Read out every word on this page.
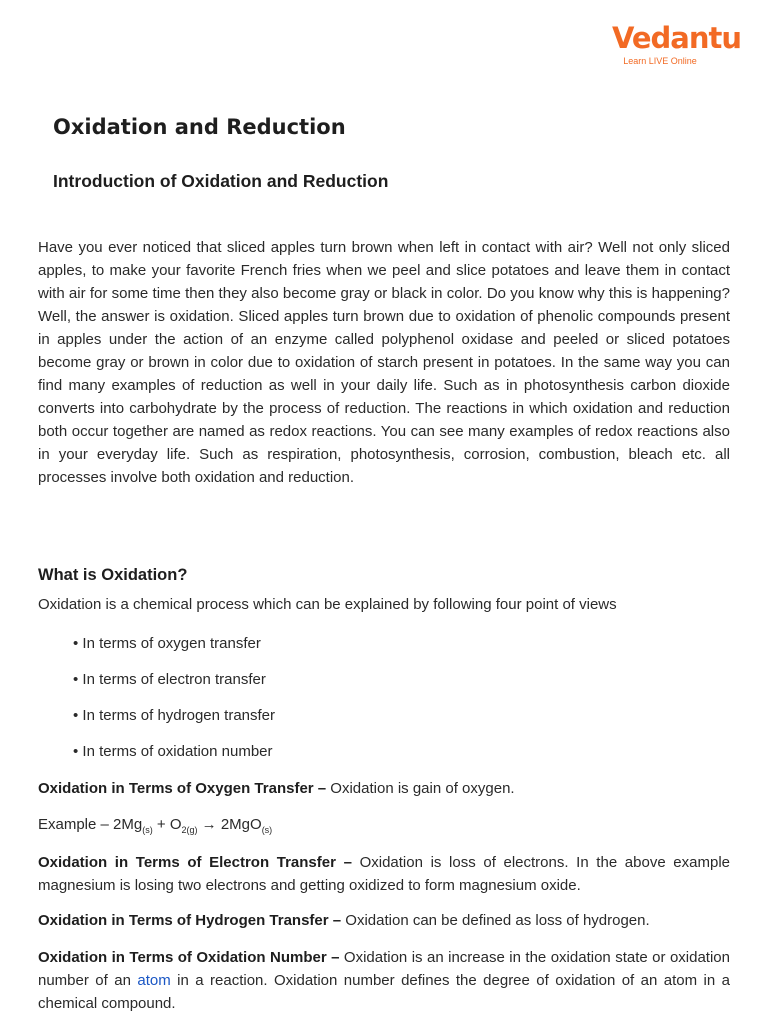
Vedantu
Learn LIVE Online
Oxidation and Reduction
Introduction of Oxidation and Reduction

Have you ever noticed that sliced apples turn brown when left in contact with air? Well not only sliced apples, to make your favorite French fries when we peel and slice potatoes and leave them in contact with air for some time then they also become gray or black in color. Do you know why this is happening? Well, the answer is oxidation. Sliced apples turn brown due to oxidation of phenolic compounds present in apples under the action of an enzyme called polyphenol oxidase and peeled or sliced potatoes become gray or brown in color due to oxidation of starch present in potatoes. In the same way you can find many examples of reduction as well in your daily life. Such as in photosynthesis carbon dioxide converts into carbohydrate by the process of reduction. The reactions in which oxidation and reduction both occur together are named as redox reactions. You can see many examples of redox reactions also in your everyday life. Such as respiration, photosynthesis, corrosion, combustion, bleach etc. all processes involve both oxidation and reduction.

What is Oxidation?

Oxidation is a chemical process which can be explained by following four point of views

• In terms of oxygen transfer
• In terms of electron transfer
• In terms of hydrogen transfer
• In terms of oxidation number

Oxidation in Terms of Oxygen Transfer – Oxidation is gain of oxygen.

Example – $2Mg_{(s)} + O_{2(g)} \to 2MgO_{(s)}$

Oxidation in Terms of Electron Transfer – Oxidation is loss of electrons. In the above example magnesium is losing two electrons and getting oxidized to form magnesium oxide.

Oxidation in Terms of Hydrogen Transfer – Oxidation can be defined as loss of hydrogen.

Oxidation in Terms of Oxidation Number – Oxidation is an increase in the oxidation state or oxidation number of an atom in a reaction. Oxidation number defines the degree of oxidation of an atom in a chemical compound.
